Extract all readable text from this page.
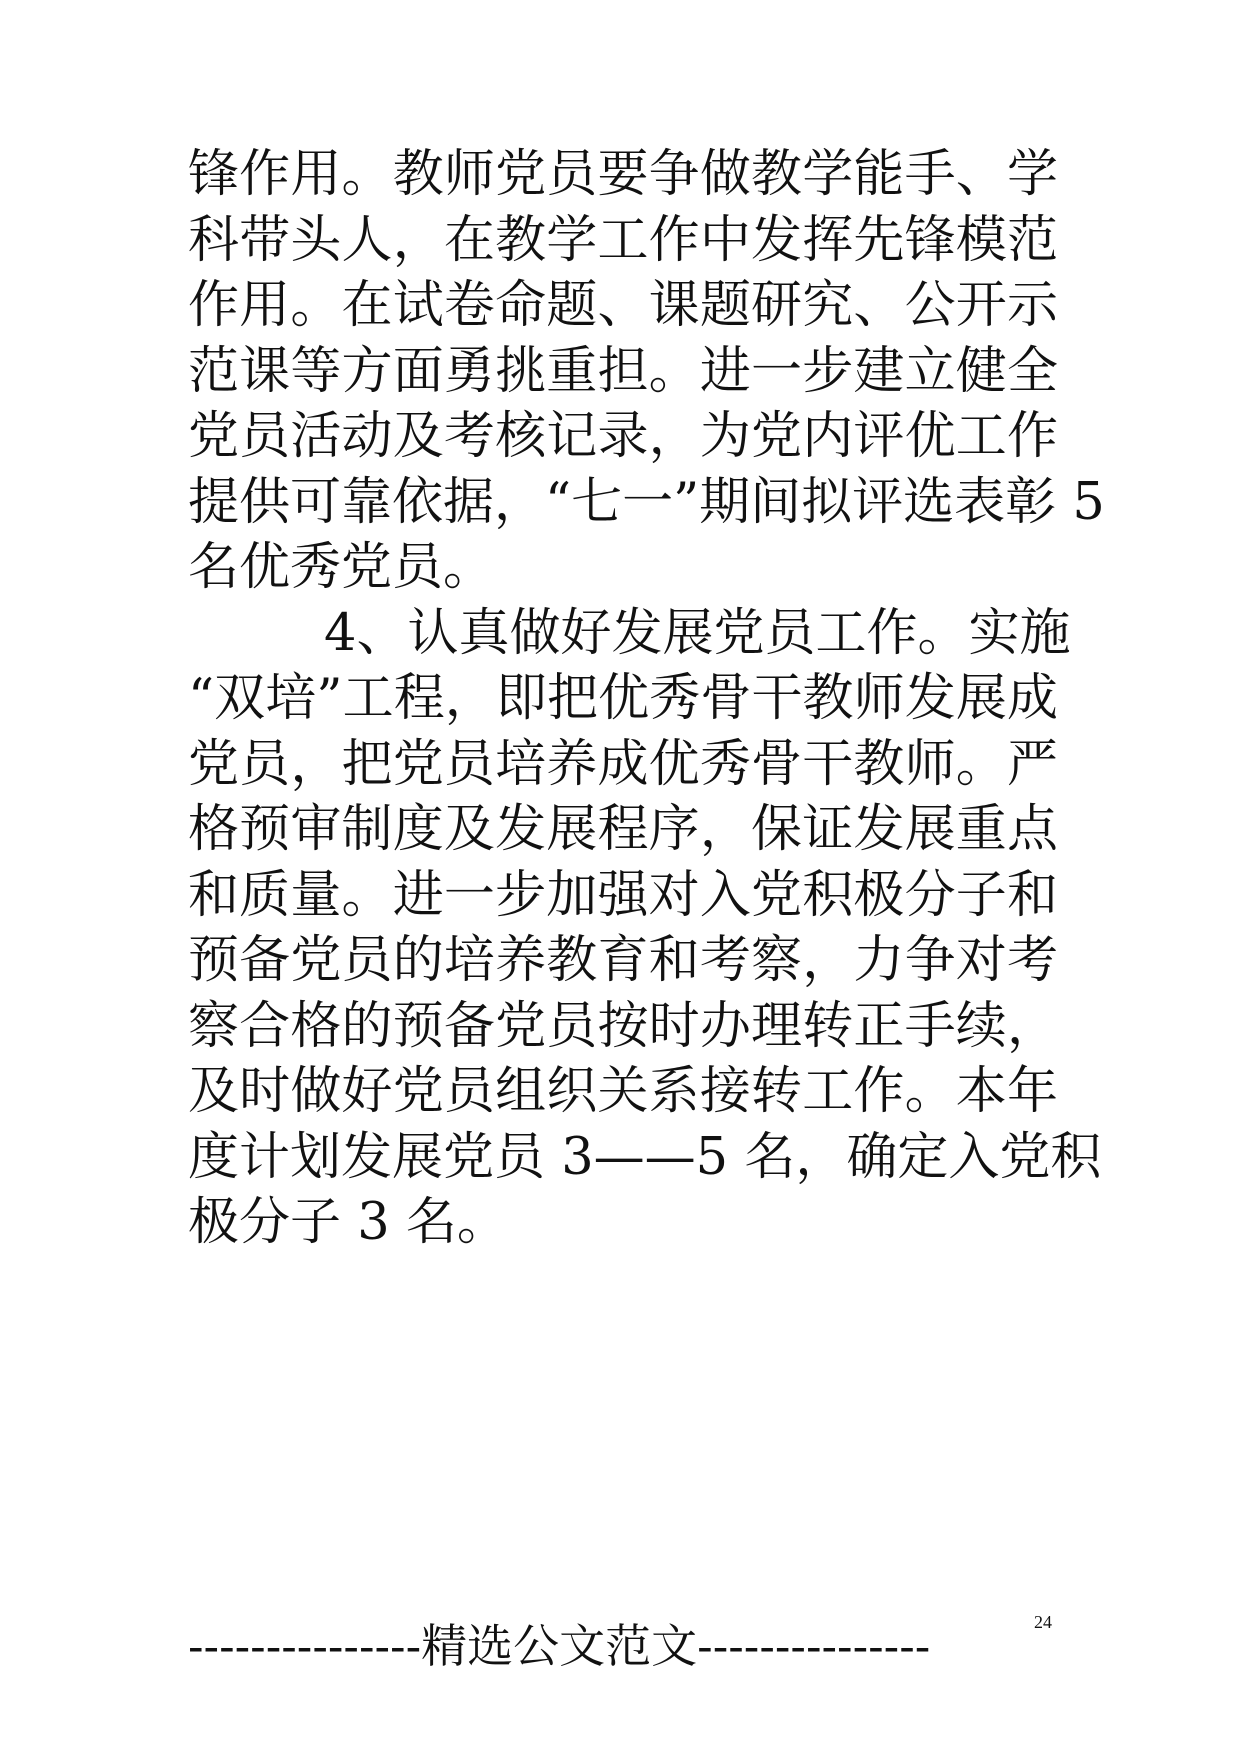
锋作用。教师党员要争做教学能手、学
科带头人，在教学工作中发挥先锋模范
作用。在试卷命题、课题研究、公开示
范课等方面勇挑重担。进一步建立健全
党员活动及考核记录，为党内评优工作
提供可靠依据，“七一”期间拟评选表彰 5
名优秀党员。
4、认真做好发展党员工作。实施
“双培”工程，即把优秀骨干教师发展成
党员，把党员培养成优秀骨干教师。严
格预审制度及发展程序，保证发展重点
和质量。进一步加强对入党积极分子和
预备党员的培养教育和考察，力争对考
察合格的预备党员按时办理转正手续，
及时做好党员组织关系接转工作。本年
度计划发展党员 3——5 名，确定入党积
极分子 3 名。
---------------精选公文范文---------------	24
